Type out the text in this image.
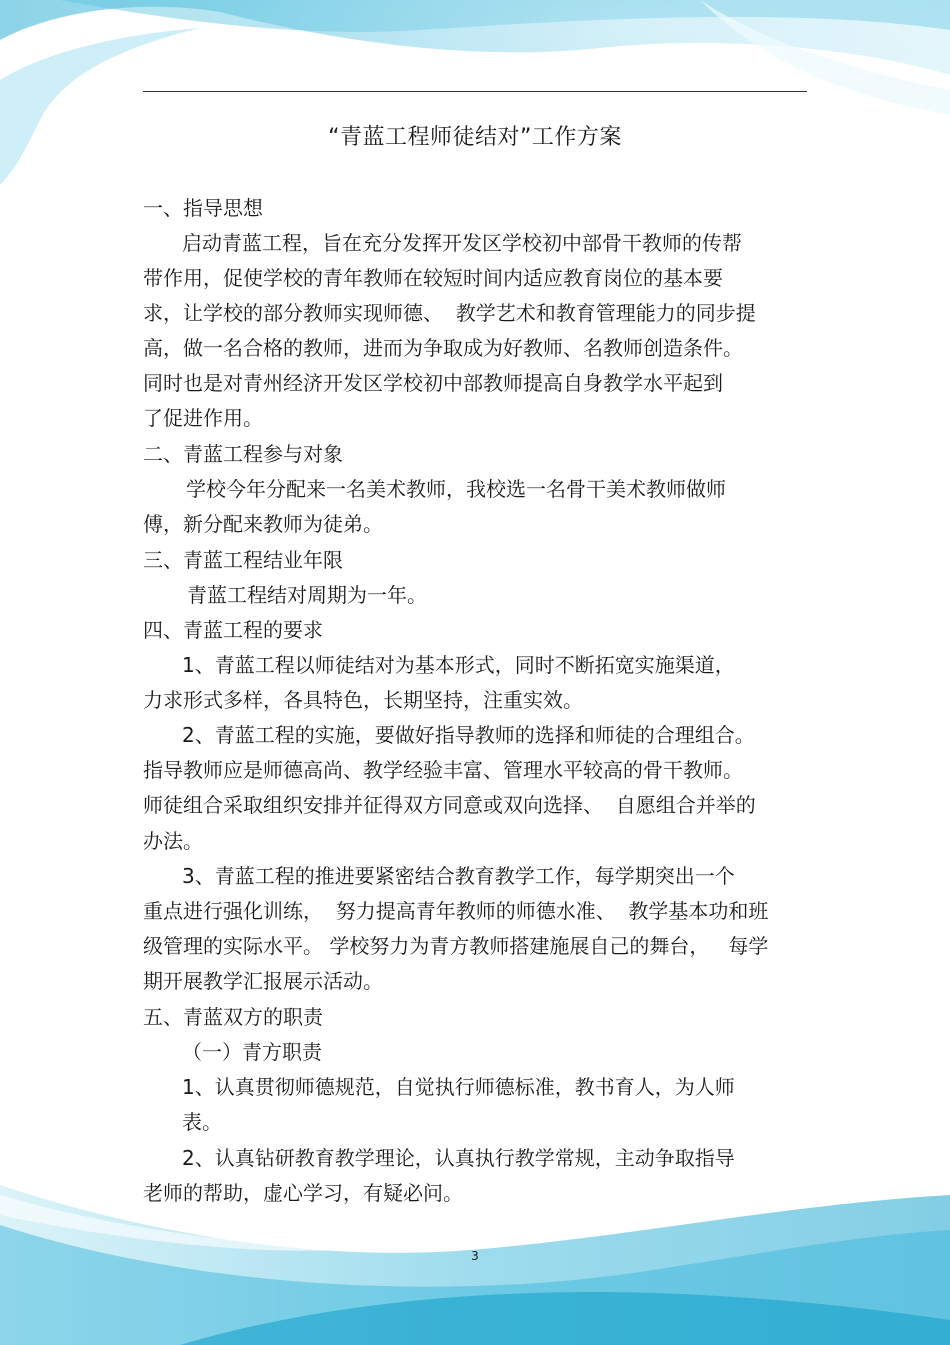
“青蓝工程师徒结对”工作方案
一、指导思想
启动青蓝工程，旨在充分发挥开发区学校初中部骨干教师的传帮
带作用，促使学校的青年教师在较短时间内适应教育岗位的基本要
求，让学校的部分教师实现师德、  教学艺术和教育管理能力的同步提
高，做一名合格的教师，进而为争取成为好教师、名教师创造条件。
同时也是对青州经济开发区学校初中部教师提高自身教学水平起到
了促进作用。
二、青蓝工程参与对象
学校今年分配来一名美术教师，我校选一名骨干美术教师做师
傅，新分配来教师为徒弟。
三、青蓝工程结业年限
青蓝工程结对周期为一年。
四、青蓝工程的要求
1、青蓝工程以师徒结对为基本形式，同时不断拓宽实施渠道，
力求形式多样，各具特色，长期坚持，注重实效。
2、青蓝工程的实施，要做好指导教师的选择和师徒的合理组合。
指导教师应是师德高尚、教学经验丰富、管理水平较高的骨干教师。
师徒组合采取组织安排并征得双方同意或双向选择、  自愿组合并举的
办法。
3、青蓝工程的推进要紧密结合教育教学工作，每学期突出一个
重点进行强化训练，  努力提高青年教师的师德水准、  教学基本功和班
级管理的实际水平。 学校努力为青方教师搭建施展自己的舞台，   每学
期开展教学汇报展示活动。
五、青蓝双方的职责
（一）青方职责
1、认真贯彻师德规范，自觉执行师德标准，教书育人，为人师
表。
2、认真钻研教育教学理论，认真执行教学常规，主动争取指导
老师的帮助，虚心学习，有疑必问。
3
